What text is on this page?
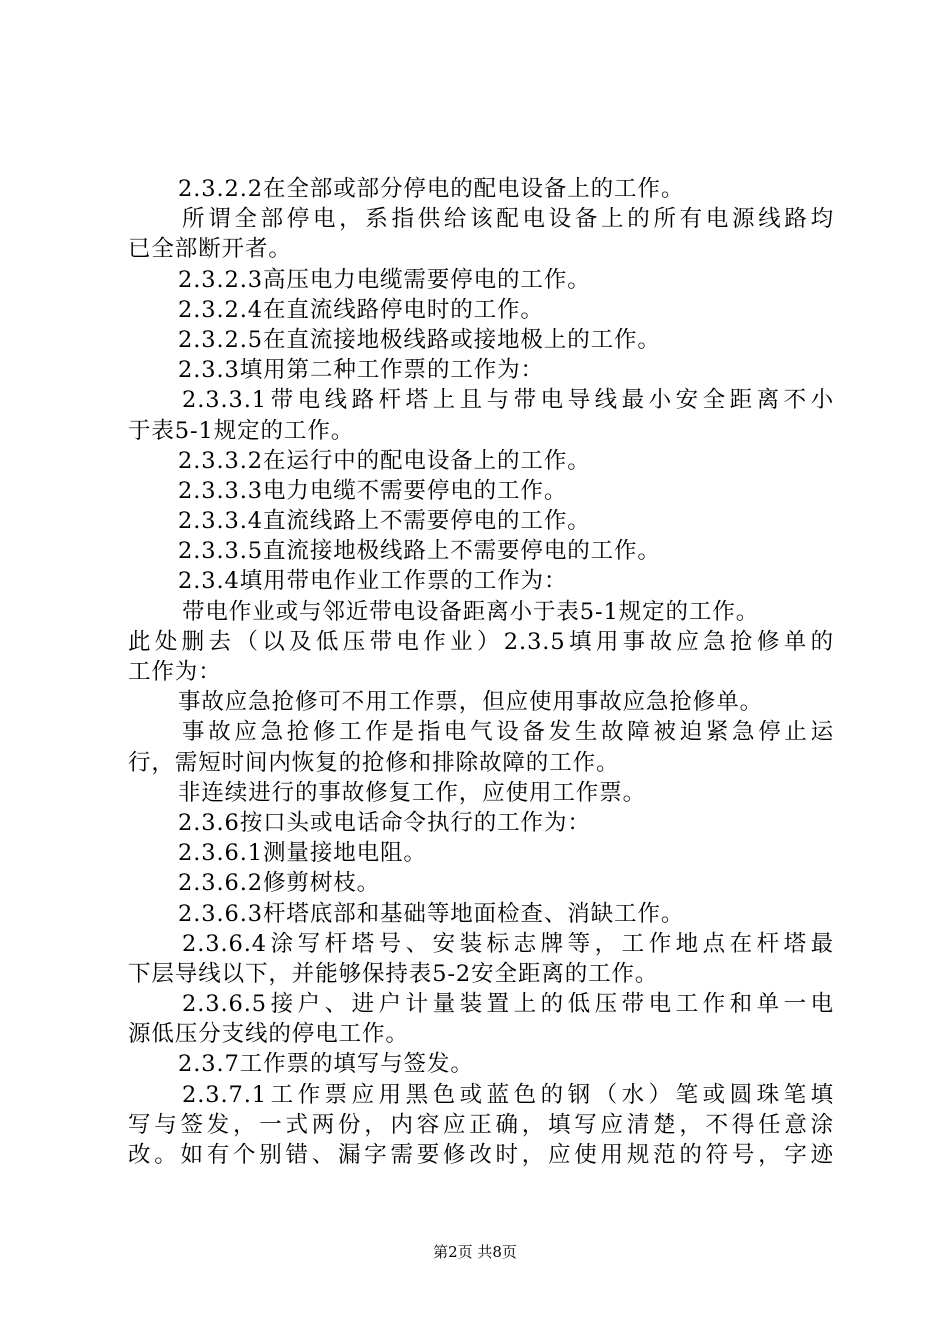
2.3.2.2在全部或部分停电的配电设备上的工作。
所谓全部停电，系指供给该配电设备上的所有电源线路均
已全部断开者。
2.3.2.3高压电力电缆需要停电的工作。
2.3.2.4在直流线路停电时的工作。
2.3.2.5在直流接地极线路或接地极上的工作。
2.3.3填用第二种工作票的工作为：
2.3.3.1带电线路杆塔上且与带电导线最小安全距离不小
于表5-1规定的工作。
2.3.3.2在运行中的配电设备上的工作。
2.3.3.3电力电缆不需要停电的工作。
2.3.3.4直流线路上不需要停电的工作。
2.3.3.5直流接地极线路上不需要停电的工作。
2.3.4填用带电作业工作票的工作为：
带电作业或与邻近带电设备距离小于表5-1规定的工作。
此处删去（以及低压带电作业）2.3.5填用事故应急抢修单的
工作为：
事故应急抢修可不用工作票，但应使用事故应急抢修单。
事故应急抢修工作是指电气设备发生故障被迫紧急停止运
行，需短时间内恢复的抢修和排除故障的工作。
非连续进行的事故修复工作，应使用工作票。
2.3.6按口头或电话命令执行的工作为：
2.3.6.1测量接地电阻。
2.3.6.2修剪树枝。
2.3.6.3杆塔底部和基础等地面检查、消缺工作。
2.3.6.4涂写杆塔号、安装标志牌等，工作地点在杆塔最
下层导线以下，并能够保持表5-2安全距离的工作。
2.3.6.5接户、进户计量装置上的低压带电工作和单一电
源低压分支线的停电工作。
2.3.7工作票的填写与签发。
2.3.7.1工作票应用黑色或蓝色的钢（水）笔或圆珠笔填
写与签发，一式两份，内容应正确，填写应清楚，不得任意涂
改。如有个别错、漏字需要修改时，应使用规范的符号，字迹
第2页 共8页
